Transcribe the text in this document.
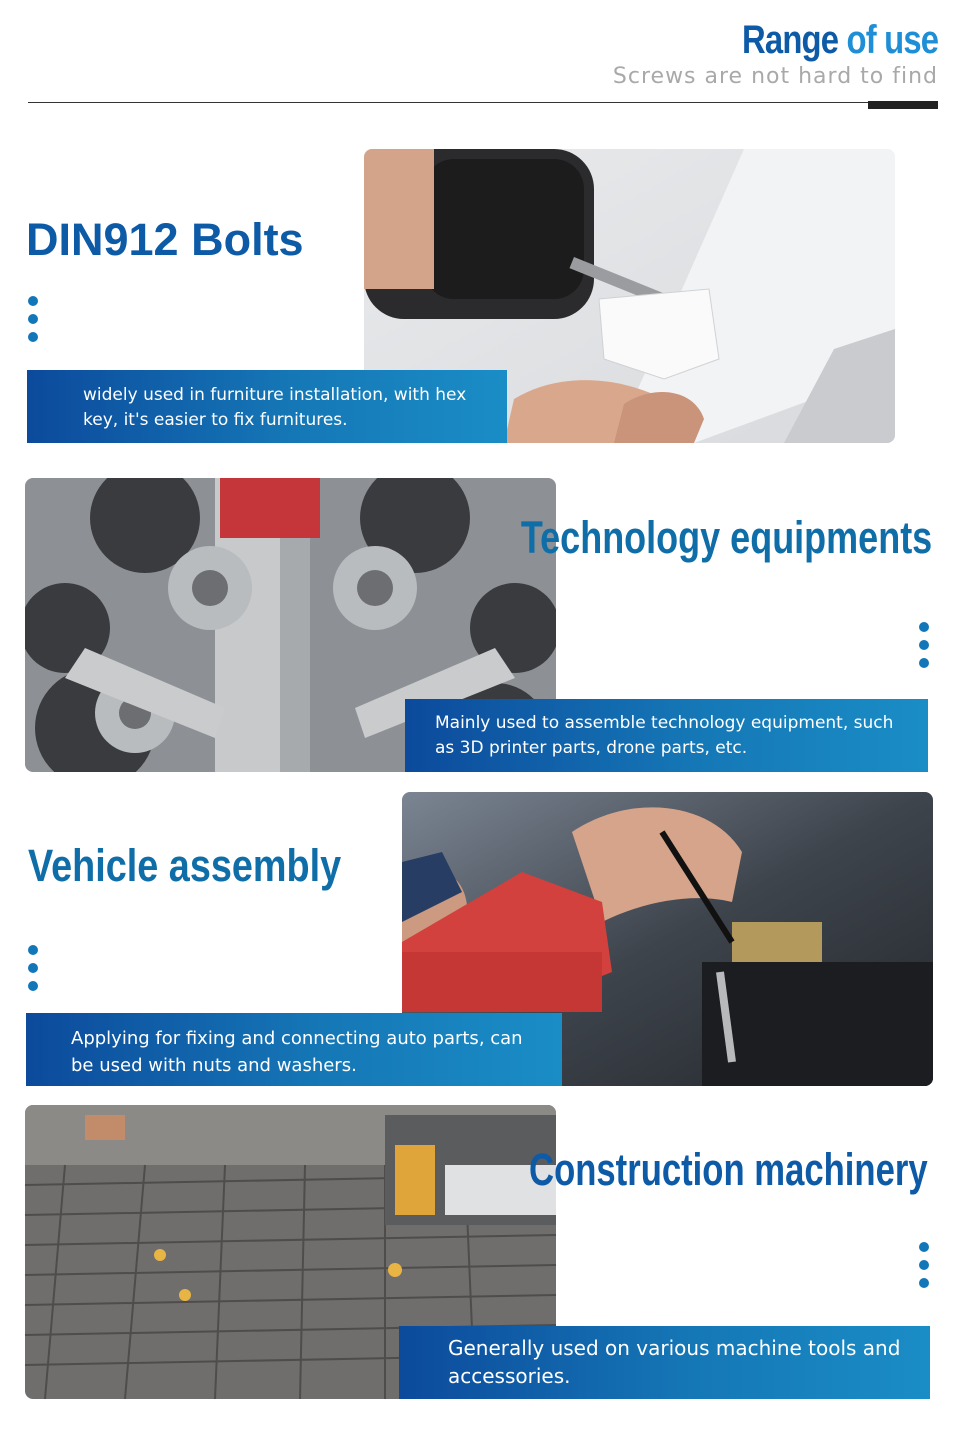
Range of use
Screws are not hard to find
DIN912 Bolts
widely used in furniture installation, with hex key, it's easier to fix furnitures.
Technology equipments
Mainly used to assemble technology equipment, such as 3D printer parts, drone parts, etc.
Vehicle assembly
Applying for fixing and connecting auto parts, can be used with nuts and washers.
Construction machinery
Generally used on various machine tools and accessories.
